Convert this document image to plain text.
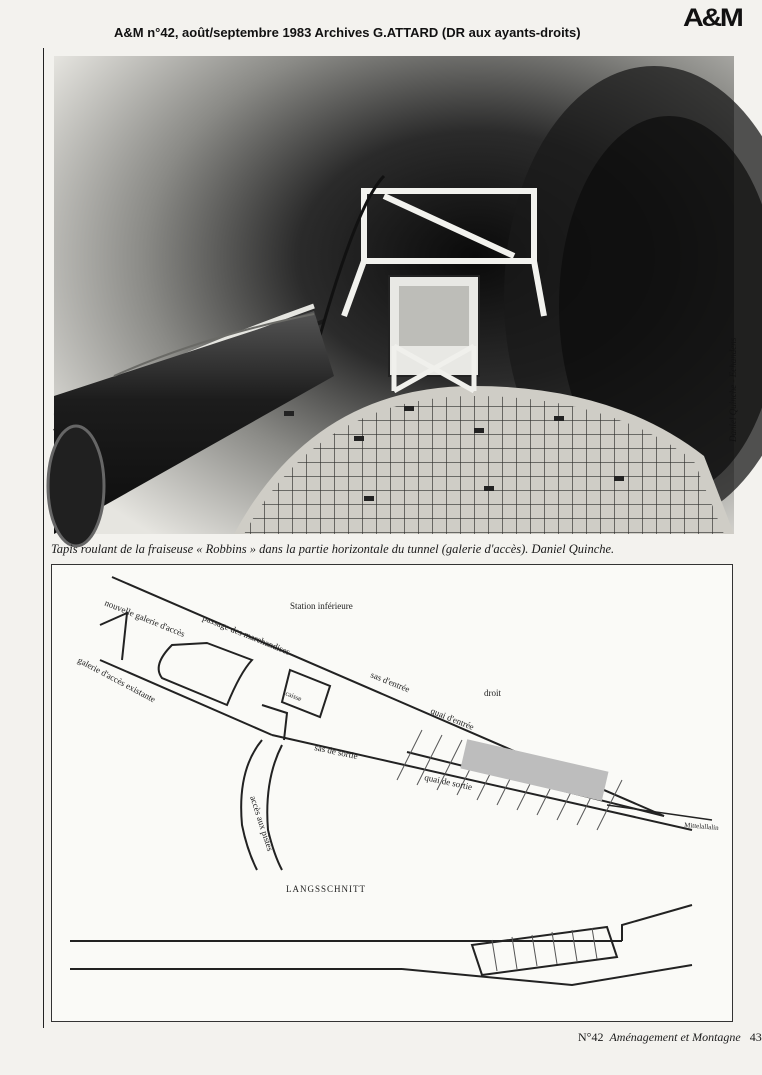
A&M n°42, août/septembre 1983 Archives G.ATTARD (DR aux ayants-droits)
A&M
Daniel Quinche - Echandens
Tapis roulant de la fraiseuse « Robbins » dans la partie horizontale du tunnel (galerie d'accès). Daniel Quinche.
Station inférieure
nouvelle galerie d'accès passage des marchandises
galerie d'accès existante	sas d'entrée
quai d'entrée
sas de sortie
quai de sortie
caisse
accès aux pistes
droit
Mittelallalin
LANGSSCHNITT
N°42 Aménagement et Montagne 43
